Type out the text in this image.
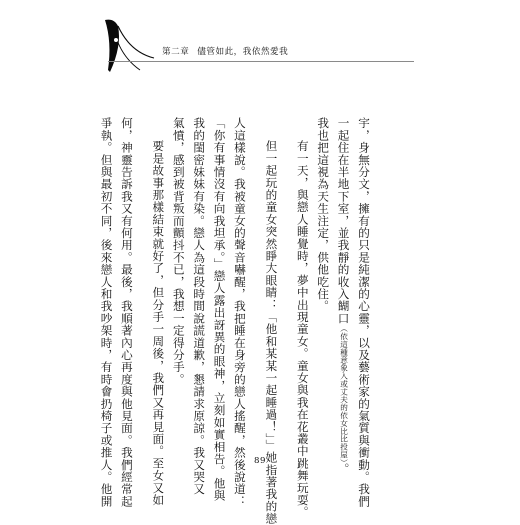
第二章 儘管如此，我依然愛我

宇，身無分文，擁有的只是純潔的心靈，以及藝術家的氣質與衝動。我們

一起住在半地下室，並我靜的收入餬口（依這種意象入或丈夫的依女比比投屋）。

我也把這視為天生注定，供他吃住。

有一天，與戀人睡覺時，夢中出現童女。童女與我在花叢中跳舞玩耍。

但一起玩的童女突然睜大眼睛：「他和某某一起睡過！」」她指著我的戀

人這樣說。我被童女的聲音嚇醒，我把睡在身旁的戀人搖醒，然後說道：

「你有事情沒有向我坦承。」戀人露出訝異的眼神，立刻如實相告。他與

我的閨密妹妹有染。戀人為這段時間說謊道歉，懇請求原諒。我又哭又

氣憤，感到被背叛而顫抖不已，我想一定得分手。

要是故事那樣結束就好了，但分手一周後，我們又再見面。至女又如

何，神靈告訴我又有何用。最後，我順著內心再度與他見面。我們經常起

爭執。但與最初不同，後來戀人和我吵架時，有時會扔椅子或推人。他開	89
